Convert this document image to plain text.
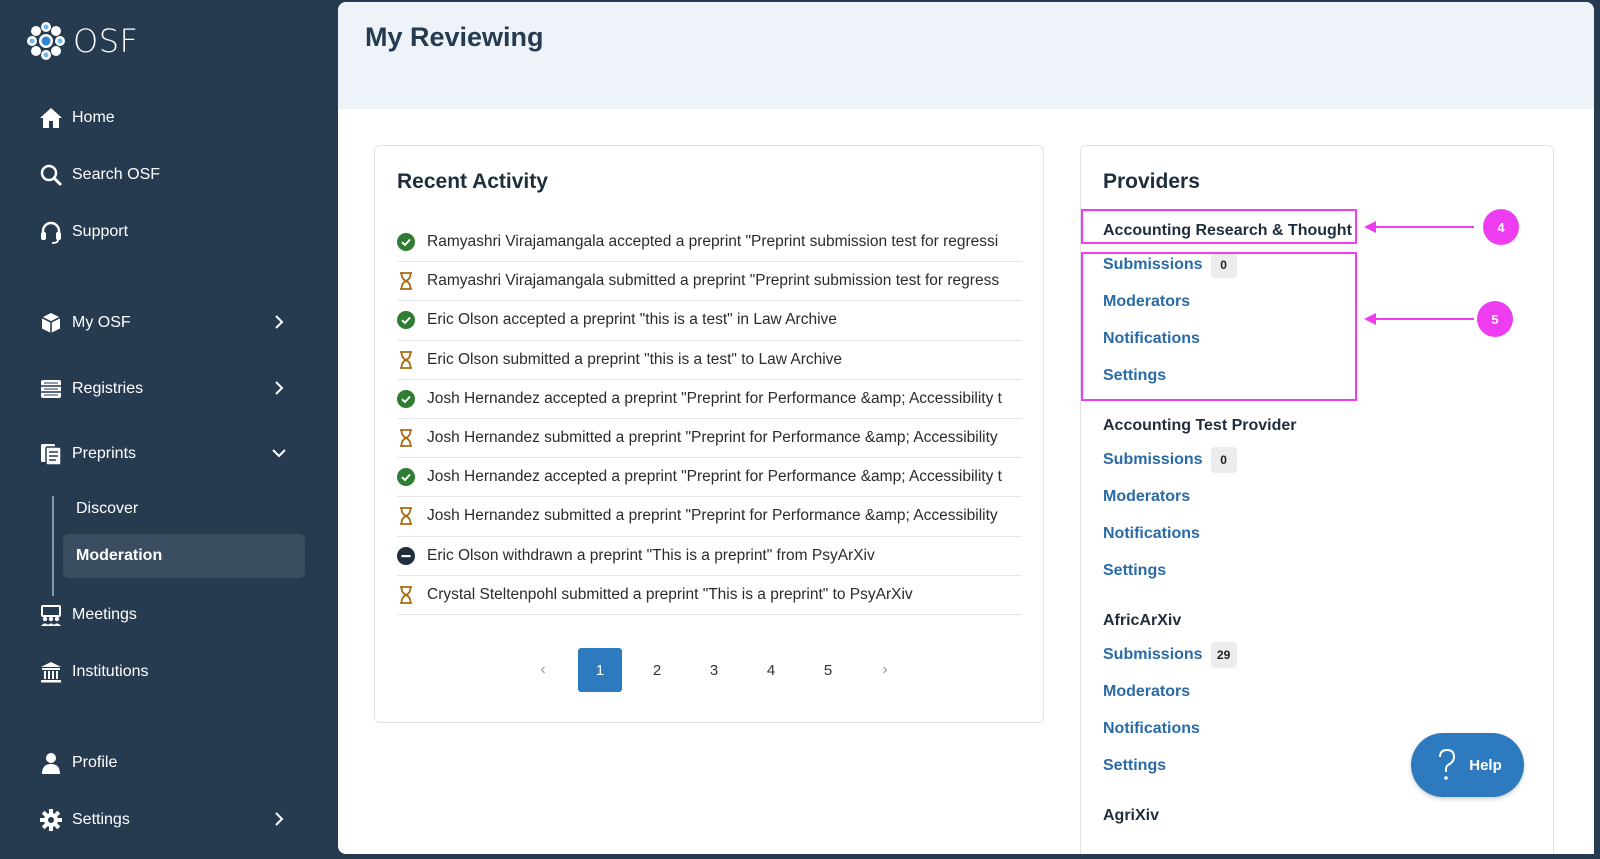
OSF
Home
Search OSF
Support
My OSF
Registries
Preprints
Discover
Moderation
Meetings
Institutions
Profile
Settings
My Reviewing
Recent Activity
Ramyashri Virajamangala accepted a preprint "Preprint submission test for regressi
Ramyashri Virajamangala submitted a preprint "Preprint submission test for regress
Eric Olson accepted a preprint "this is a test" in Law Archive
Eric Olson submitted a preprint "this is a test" to Law Archive
Josh Hernandez accepted a preprint "Preprint for Performance &amp; Accessibility t
Josh Hernandez submitted a preprint "Preprint for Performance &amp; Accessibility
Josh Hernandez accepted a preprint "Preprint for Performance &amp; Accessibility t
Josh Hernandez submitted a preprint "Preprint for Performance &amp; Accessibility
Eric Olson withdrawn a preprint "This is a preprint" from PsyArXiv
Crystal Steltenpohl submitted a preprint "This is a preprint" to PsyArXiv
‹	1	2	3	4	5	›
Providers
Accounting Research & Thought
Submissions	0
Moderators
Notifications
Settings
Accounting Test Provider
Submissions	0
Moderators
Notifications
Settings
AfricArXiv
Submissions	29
Moderators
Notifications
Settings
AgriXiv
4
5
Help
